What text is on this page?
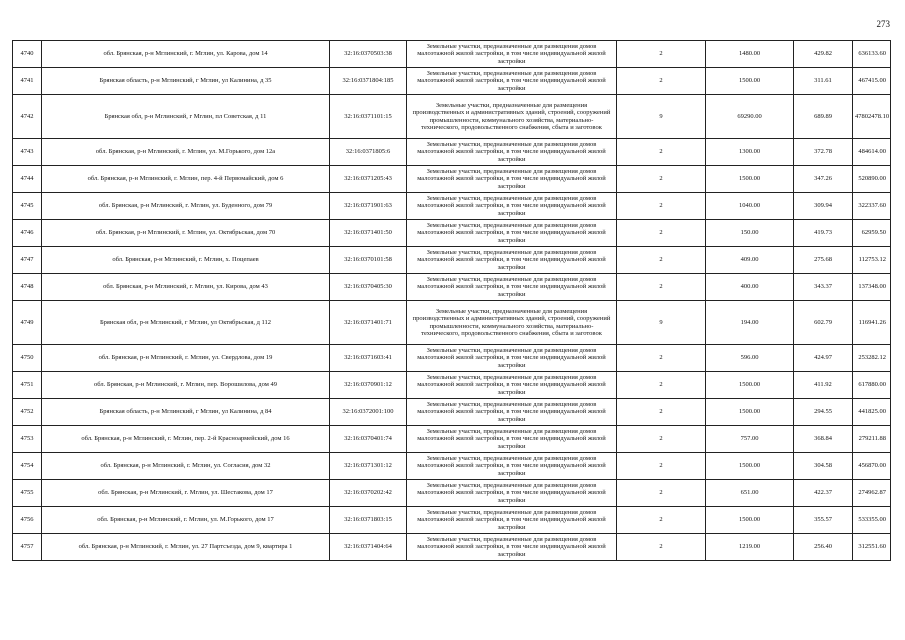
273
4740	обл. Брянская, р-н Мглинский, г. Мглин, ул. Карова, дом 14	32:16:0370503:38	Земельные участки, предназначенные для размещения домов малоэтажной жилой застройки, в том числе индивидуальной жилой застройки	2	1480.00	429.82	636133.60
4741	Брянская область, р-н Мглинский, г Мглин, ул Калинина, д 35	32:16:0371804:185	Земельные участки, предназначенные для размещения домов малоэтажной жилой застройки, в том числе индивидуальной жилой застройки	2	1500.00	311.61	467415.00
4742	Брянская обл, р-н Мглинский, г Мглин, пл Советская, д 11	32:16:0371101:15	Земельные участки, предназначенные для размещения производственных и административных зданий, строений, сооружений промышленности, коммунального хозяйства, материально-технического, продовольственного снабжения, сбыта и заготовок	9	69290.00	689.89	47802478.10
4743	обл. Брянская, р-н Мглинский, г. Мглин, ул. М.Горького, дом 12а	32:16:0371805:6	Земельные участки, предназначенные для размещения домов малоэтажной жилой застройки, в том числе индивидуальной жилой застройки	2	1300.00	372.78	484614.00
4744	обл. Брянская, р-н Мглинский, г. Мглин, пер. 4-й Первомайский, дом 6	32:16:0371205:43	Земельные участки, предназначенные для размещения домов малоэтажной жилой застройки, в том числе индивидуальной жилой застройки	2	1500.00	347.26	520890.00
4745	обл. Брянская, р-н Мглинский, г. Мглин, ул. Буденного, дом 79	32:16:0371901:63	Земельные участки, предназначенные для размещения домов малоэтажной жилой застройки, в том числе индивидуальной жилой застройки	2	1040.00	309.94	322337.60
4746	обл. Брянская, р-н Мглинский, г. Мглин, ул. Октябрьская, дом 70	32:16:0371401:50	Земельные участки, предназначенные для размещения домов малоэтажной жилой застройки, в том числе индивидуальной жилой застройки	2	150.00	419.73	62959.50
4747	обл. Брянская, р-н Мглинский, г. Мглин, х. Поцепаев	32:16:0370101:58	Земельные участки, предназначенные для размещения домов малоэтажной жилой застройки, в том числе индивидуальной жилой застройки	2	409.00	275.68	112753.12
4748	обл. Брянская, р-н Мглинский, г. Мглин, ул. Кирова, дом 43	32:16:0370405:30	Земельные участки, предназначенные для размещения домов малоэтажной жилой застройки, в том числе индивидуальной жилой застройки	2	400.00	343.37	137348.00
4749	Брянская обл, р-н Мглинский, г Мглин, ул Октябрьская, д 112	32:16:0371401:71	Земельные участки, предназначенные для размещения производственных и административных зданий, строений, сооружений промышленности, коммунального хозяйства, материально-технического, продовольственного снабжения, сбыта и заготовок	9	194.00	602.79	116941.26
4750	обл. Брянская, р-н Мглинский, г. Мглин, ул. Свердлова, дом 19	32:16:0371603:41	Земельные участки, предназначенные для размещения домов малоэтажной жилой застройки, в том числе индивидуальной жилой застройки	2	596.00	424.97	253282.12
4751	обл. Брянская, р-н Мглинский, г. Мглин, пер. Ворошилова, дом 49	32:16:0370901:12	Земельные участки, предназначенные для размещения домов малоэтажной жилой застройки, в том числе индивидуальной жилой застройки	2	1500.00	411.92	617880.00
4752	Брянская область, р-н Мглинский, г Мглин, ул Калинина, д 84	32:16:0372001:100	Земельные участки, предназначенные для размещения домов малоэтажной жилой застройки, в том числе индивидуальной жилой застройки	2	1500.00	294.55	441825.00
4753	обл. Брянская, р-н Мглинский, г. Мглин, пер. 2-й Красноармейский, дом 16	32:16:0370401:74	Земельные участки, предназначенные для размещения домов малоэтажной жилой застройки, в том числе индивидуальной жилой застройки	2	757.00	368.84	279211.88
4754	обл. Брянская, р-н Мглинский, г. Мглин, ул. Согласия, дом 32	32:16:0371301:12	Земельные участки, предназначенные для размещения домов малоэтажной жилой застройки, в том числе индивидуальной жилой застройки	2	1500.00	304.58	456870.00
4755	обл. Брянская, р-н Мглинский, г. Мглин, ул. Шестакова, дом 17	32:16:0370202:42	Земельные участки, предназначенные для размещения домов малоэтажной жилой застройки, в том числе индивидуальной жилой застройки	2	651.00	422.37	274962.87
4756	обл. Брянская, р-н Мглинский, г. Мглин, ул. М.Горького, дом 17	32:16:0371803:15	Земельные участки, предназначенные для размещения домов малоэтажной жилой застройки, в том числе индивидуальной жилой застройки	2	1500.00	355.57	533355.00
4757	обл. Брянская, р-н Мглинский, г. Мглин, ул. 27 Партсъезда, дом 9, квартира 1	32:16:0371404:64	Земельные участки, предназначенные для размещения домов малоэтажной жилой застройки, в том числе индивидуальной жилой застройки	2	1219.00	256.40	312551.60
